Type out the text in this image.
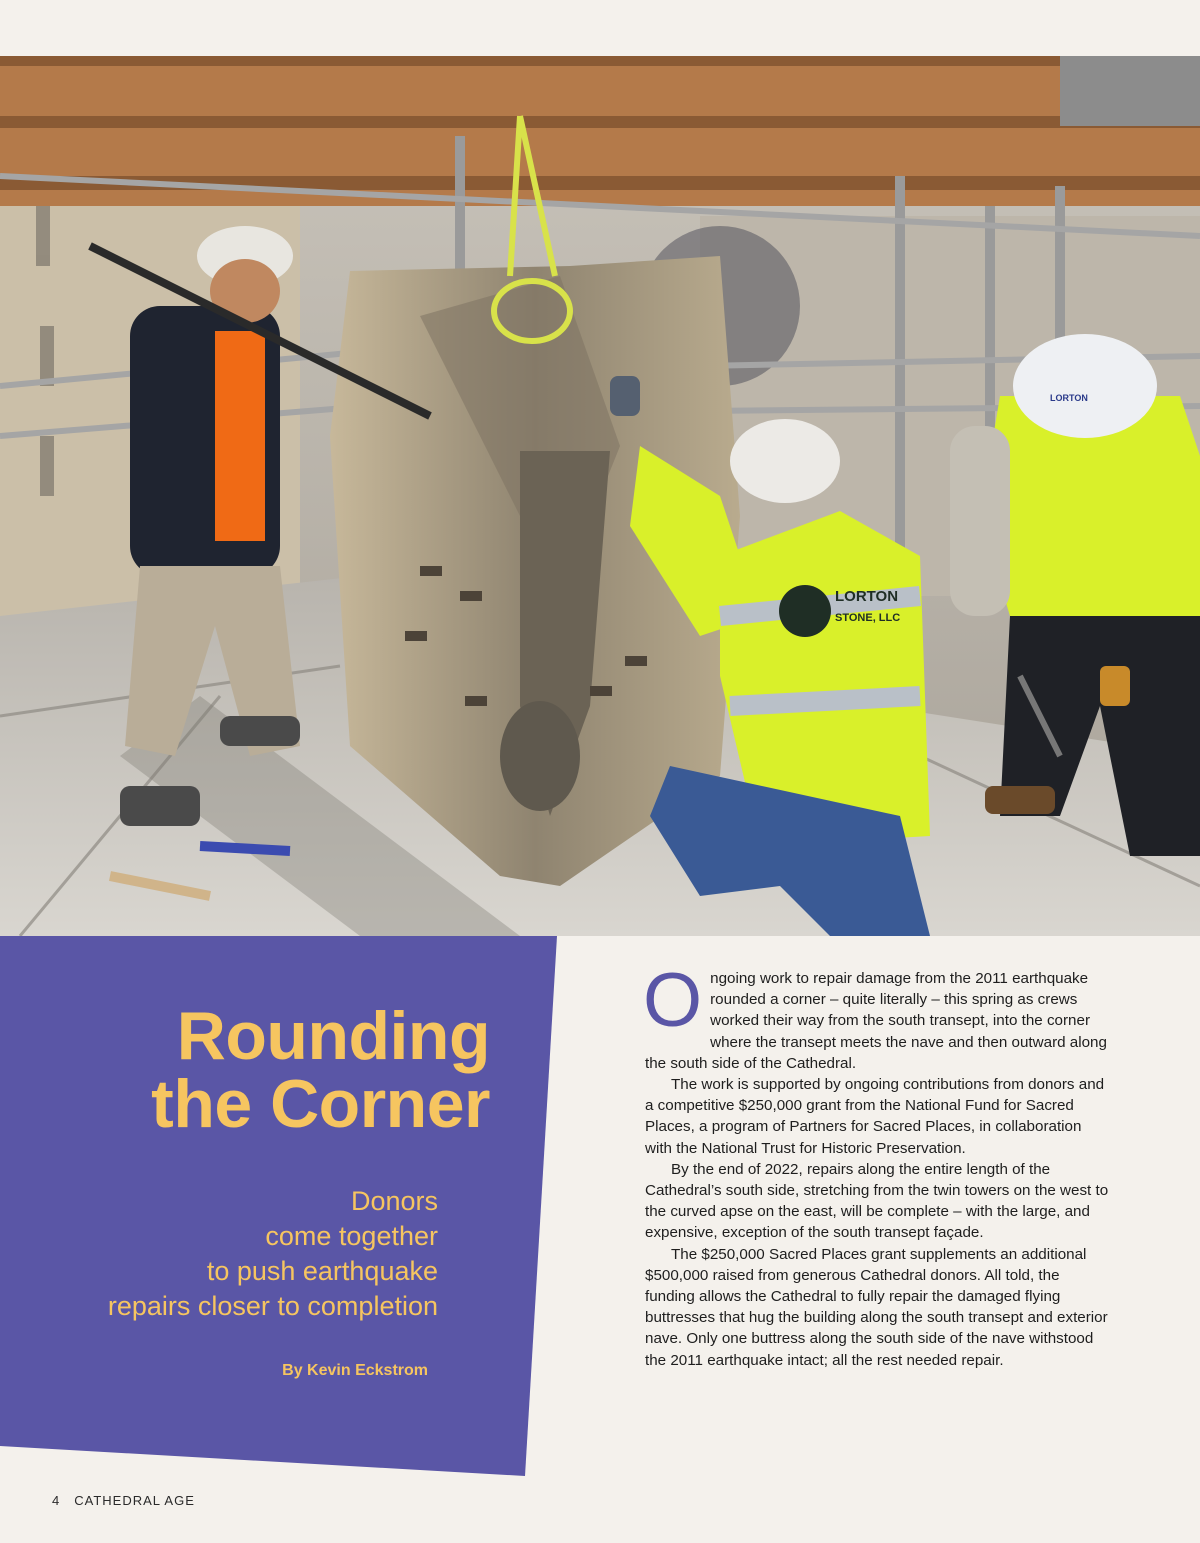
LORTON
STONE, LLC
LORTON
Rounding
the Corner
Donors
come together
to push earthquake
repairs closer to completion
By Kevin Eckstrom

Ongoing work to repair damage from the 2011 earthquake rounded a corner – quite literally – this spring as crews worked their way from the south transept, into the corner where the transept meets the nave and then outward along the south side of the Cathedral.

The work is supported by ongoing contributions from donors and a competitive $250,000 grant from the National Fund for Sacred Places, a program of Partners for Sacred Places, in collaboration with the National Trust for Historic Preservation.

By the end of 2022, repairs along the entire length of the Cathedral’s south side, stretching from the twin towers on the west to the curved apse on the east, will be complete – with the large, and expensive, exception of the south transept façade.

The $250,000 Sacred Places grant supplements an additional $500,000 raised from generous Cathedral donors. All told, the funding allows the Cathedral to fully repair the damaged flying buttresses that hug the building along the south transept and exterior nave. Only one buttress along the south side of the nave withstood the 2011 earthquake intact; all the rest needed repair.

4 CATHEDRAL AGE
